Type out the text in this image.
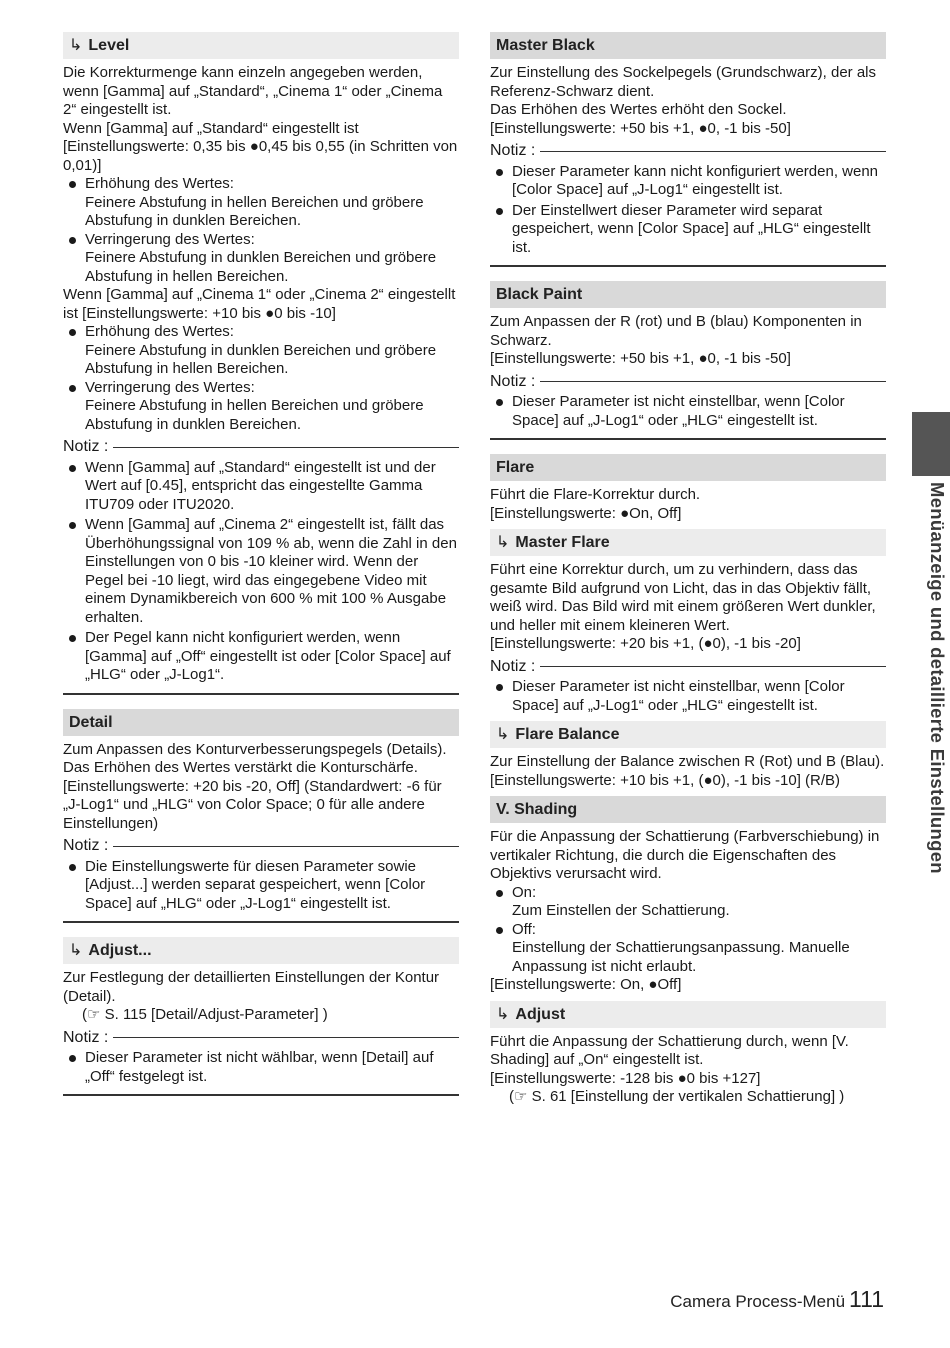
↳ Level

Die Korrekturmenge kann einzeln angegeben werden, wenn [Gamma] auf „Standard“, „Cinema 1“ oder „Cinema 2“ eingestellt ist.

Wenn [Gamma] auf „Standard“ eingestellt ist

[Einstellungswerte: 0,35 bis ●0,45 bis 0,55 (in Schritten von 0,01)]

Erhöhung des Wertes:
Feinere Abstufung in hellen Bereichen und gröbere Abstufung in dunklen Bereichen.
Verringerung des Wertes:
Feinere Abstufung in dunklen Bereichen und gröbere Abstufung in hellen Bereichen.

Wenn [Gamma] auf „Cinema 1“ oder „Cinema 2“ eingestellt ist [Einstellungswerte: +10 bis ●0 bis -10]

Erhöhung des Wertes:
Feinere Abstufung in dunklen Bereichen und gröbere Abstufung in hellen Bereichen.
Verringerung des Wertes:
Feinere Abstufung in hellen Bereichen und gröbere Abstufung in dunklen Bereichen.
Notiz :
Wenn [Gamma] auf „Standard“ eingestellt ist und der Wert auf [0.45], entspricht das eingestellte Gamma ITU709 oder ITU2020.
Wenn [Gamma] auf „Cinema 2“ eingestellt ist, fällt das Überhöhungssignal von 109 % ab, wenn die Zahl in den Einstellungen von 0 bis -10 kleiner wird. Wenn der Pegel bei -10 liegt, wird das eingegebene Video mit einem Dynamikbereich von 600 % mit 100 % Ausgabe erhalten.
Der Pegel kann nicht konfiguriert werden, wenn [Gamma] auf „Off“ eingestellt ist oder [Color Space] auf „HLG“ oder „J-Log1“.
Detail

Zum Anpassen des Konturverbesserungspegels (Details).

Das Erhöhen des Wertes verstärkt die Konturschärfe.

[Einstellungswerte: +20 bis -20, Off] (Standardwert: -6 für „J-Log1“ und „HLG“ von Color Space; 0 für alle andere Einstellungen)

Notiz :
Die Einstellungswerte für diesen Parameter sowie [Adjust...] werden separat gespeichert, wenn [Color Space] auf „HLG“ oder „J-Log1“ eingestellt ist.
↳ Adjust...

Zur Festlegung der detaillierten Einstellungen der Kontur (Detail).

(☞ S. 115 [Detail/Adjust-Parameter] )

Notiz :
Dieser Parameter ist nicht wählbar, wenn [Detail] auf „Off“ festgelegt ist.
Master Black

Zur Einstellung des Sockelpegels (Grundschwarz), der als Referenz-Schwarz dient.

Das Erhöhen des Wertes erhöht den Sockel.

[Einstellungswerte: +50 bis +1, ●0, -1 bis -50]

Notiz :
Dieser Parameter kann nicht konfiguriert werden, wenn [Color Space] auf „J-Log1“ eingestellt ist.
Der Einstellwert dieser Parameter wird separat gespeichert, wenn [Color Space] auf „HLG“ eingestellt ist.
Black Paint

Zum Anpassen der R (rot) und B (blau) Komponenten in Schwarz.

[Einstellungswerte: +50 bis +1, ●0, -1 bis -50]

Notiz :
Dieser Parameter ist nicht einstellbar, wenn [Color Space] auf „J-Log1“ oder „HLG“ eingestellt ist.
Flare

Führt die Flare-Korrektur durch.

[Einstellungswerte: ●On, Off]

↳ Master Flare

Führt eine Korrektur durch, um zu verhindern, dass das gesamte Bild aufgrund von Licht, das in das Objektiv fällt, weiß wird. Das Bild wird mit einem größeren Wert dunkler, und heller mit einem kleineren Wert.

[Einstellungswerte: +20 bis +1, (●0), -1 bis -20]

Notiz :
Dieser Parameter ist nicht einstellbar, wenn [Color Space] auf „J-Log1“ oder „HLG“ eingestellt ist.
↳ Flare Balance

Zur Einstellung der Balance zwischen R (Rot) und B (Blau).

[Einstellungswerte: +10 bis +1, (●0), -1 bis -10] (R/B)

V. Shading

Für die Anpassung der Schattierung (Farbverschiebung) in vertikaler Richtung, die durch die Eigenschaften des Objektivs verursacht wird.

On:
Zum Einstellen der Schattierung.
Off:
Einstellung der Schattierungsanpassung. Manuelle Anpassung ist nicht erlaubt.

[Einstellungswerte: On, ●Off]

↳ Adjust

Führt die Anpassung der Schattierung durch, wenn [V. Shading] auf „On“ eingestellt ist.

[Einstellungswerte: -128 bis ●0 bis +127]

(☞ S. 61 [Einstellung der vertikalen Schattierung] )

Menüanzeige und detaillierte Einstellungen
Camera Process-Menü 111
